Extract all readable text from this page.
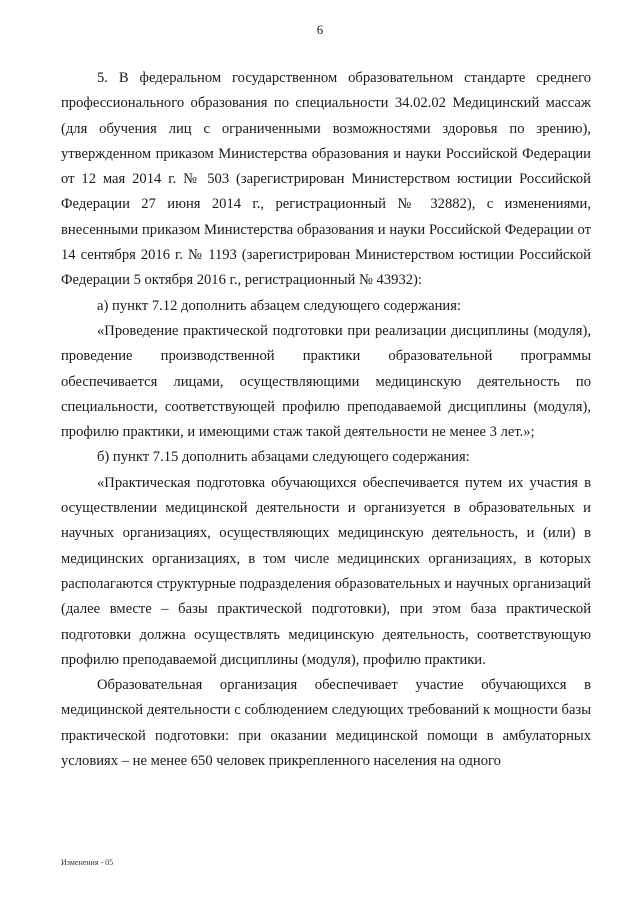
6

5. В федеральном государственном образовательном стандарте среднего профессионального образования по специальности 34.02.02 Медицинский массаж (для обучения лиц с ограниченными возможностями здоровья по зрению), утвержденном приказом Министерства образования и науки Российской Федерации от 12 мая 2014 г. № 503 (зарегистрирован Министерством юстиции Российской Федерации 27 июня 2014 г., регистрационный № 32882), с изменениями, внесенными приказом Министерства образования и науки Российской Федерации от 14 сентября 2016 г. № 1193 (зарегистрирован Министерством юстиции Российской Федерации 5 октября 2016 г., регистрационный № 43932):

а) пункт 7.12 дополнить абзацем следующего содержания:

«Проведение практической подготовки при реализации дисциплины (модуля), проведение производственной практики образовательной программы обеспечивается лицами, осуществляющими медицинскую деятельность по специальности, соответствующей профилю преподаваемой дисциплины (модуля), профилю практики, и имеющими стаж такой деятельности не менее 3 лет.»;

б) пункт 7.15 дополнить абзацами следующего содержания:

«Практическая подготовка обучающихся обеспечивается путем их участия в осуществлении медицинской деятельности и организуется в образовательных и научных организациях, осуществляющих медицинскую деятельность, и (или) в медицинских организациях, в том числе медицинских организациях, в которых располагаются структурные подразделения образовательных и научных организаций (далее вместе – базы практической подготовки), при этом база практической подготовки должна осуществлять медицинскую деятельность, соответствующую профилю преподаваемой дисциплины (модуля), профилю практики.

Образовательная организация обеспечивает участие обучающихся в медицинской деятельности с соблюдением следующих требований к мощности базы практической подготовки: при оказании медицинской помощи в амбулаторных условиях – не менее 650 человек прикрепленного населения на одного

Изменения - 05
